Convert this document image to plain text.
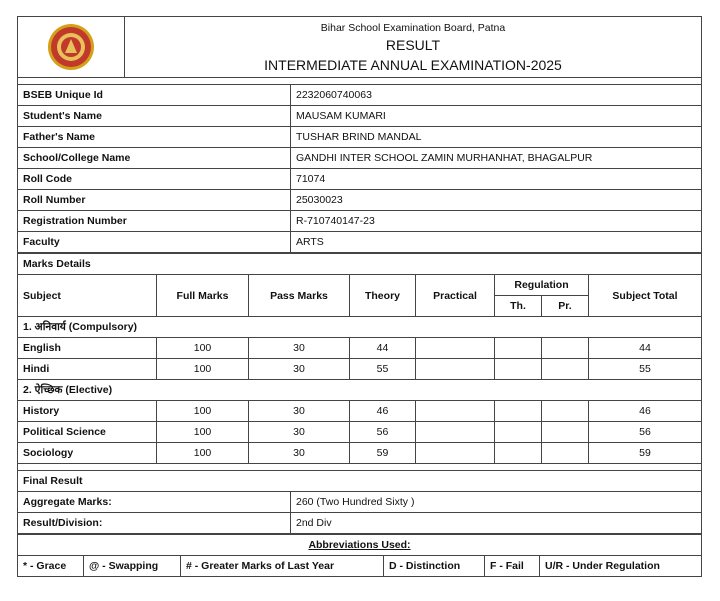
Bihar School Examination Board, Patna
RESULT
INTERMEDIATE ANNUAL EXAMINATION-2025
BSEB Unique Id	2232060740063
Student's Name	MAUSAM KUMARI
Father's Name	TUSHAR BRIND MANDAL
School/College Name	GANDHI INTER SCHOOL ZAMIN MURHANHAT, BHAGALPUR
Roll Code	71074
Roll Number	25030023
Registration Number	R-710740147-23
Faculty	ARTS
Marks Details							
Subject	Full Marks	Pass Marks	Theory	Practical	Regulation		Subject Total
					Th.	Pr.	
1. अनिवार्य (Compulsory)							
English	100	30	44				44
Hindi	100	30	55				55
2. ऐच्छिक (Elective)							
History	100	30	46				46
Political Science	100	30	56				56
Sociology	100	30	59				59
Final Result	
Aggregate Marks:	260 (Two Hundred Sixty )
Result/Division:	2nd Div
Abbreviations Used:
* - Grace	@ - Swapping	# - Greater Marks of Last Year	D - Distinction	F - Fail	U/R - Under Regulation
